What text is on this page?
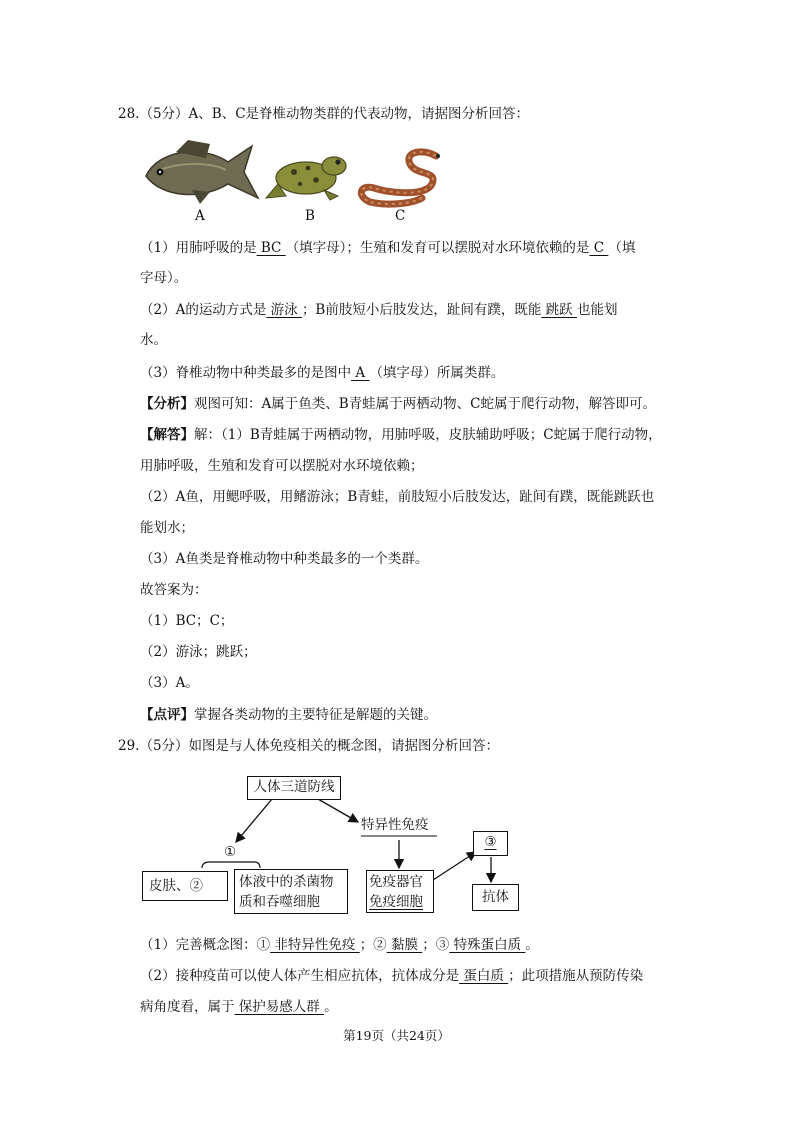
28.（5分）A、B、C是脊椎动物类群的代表动物，请据图分析回答：
A	B	C
（1）用肺呼吸的是 BC （填字母）；生殖和发育可以摆脱对水环境依赖的是 C （填
字母）。
（2）A的运动方式是 游泳 ；B前肢短小后肢发达，趾间有蹼，既能 跳跃 也能划
水。
（3）脊椎动物中种类最多的是图中 A （填字母）所属类群。
【分析】观图可知：A属于鱼类、B青蛙属于两栖动物、C蛇属于爬行动物，解答即可。
【解答】解：（1）B青蛙属于两栖动物，用肺呼吸，皮肤辅助呼吸；C蛇属于爬行动物，
用肺呼吸，生殖和发育可以摆脱对水环境依赖；
（2）A鱼，用鳃呼吸，用鳍游泳；B青蛙，前肢短小后肢发达，趾间有蹼，既能跳跃也
能划水；
（3）A鱼类是脊椎动物中种类最多的一个类群。
故答案为：
（1）BC；C；
（2）游泳；跳跃；
（3）A。
【点评】掌握各类动物的主要特征是解题的关键。
29.（5分）如图是与人体免疫相关的概念图，请据图分析回答：
人体三道防线
特异性免疫
①
皮肤、②	体液中的杀菌物
质和吞噬细胞
免疫器官
免疫细胞
③
抗体
（1）完善概念图：① 非特异性免疫 ；② 黏膜 ；③ 特殊蛋白质 。
（2）接种疫苗可以使人体产生相应抗体，抗体成分是 蛋白质 ；此项措施从预防传染
病角度看，属于 保护易感人群 。
第19页（共24页）
